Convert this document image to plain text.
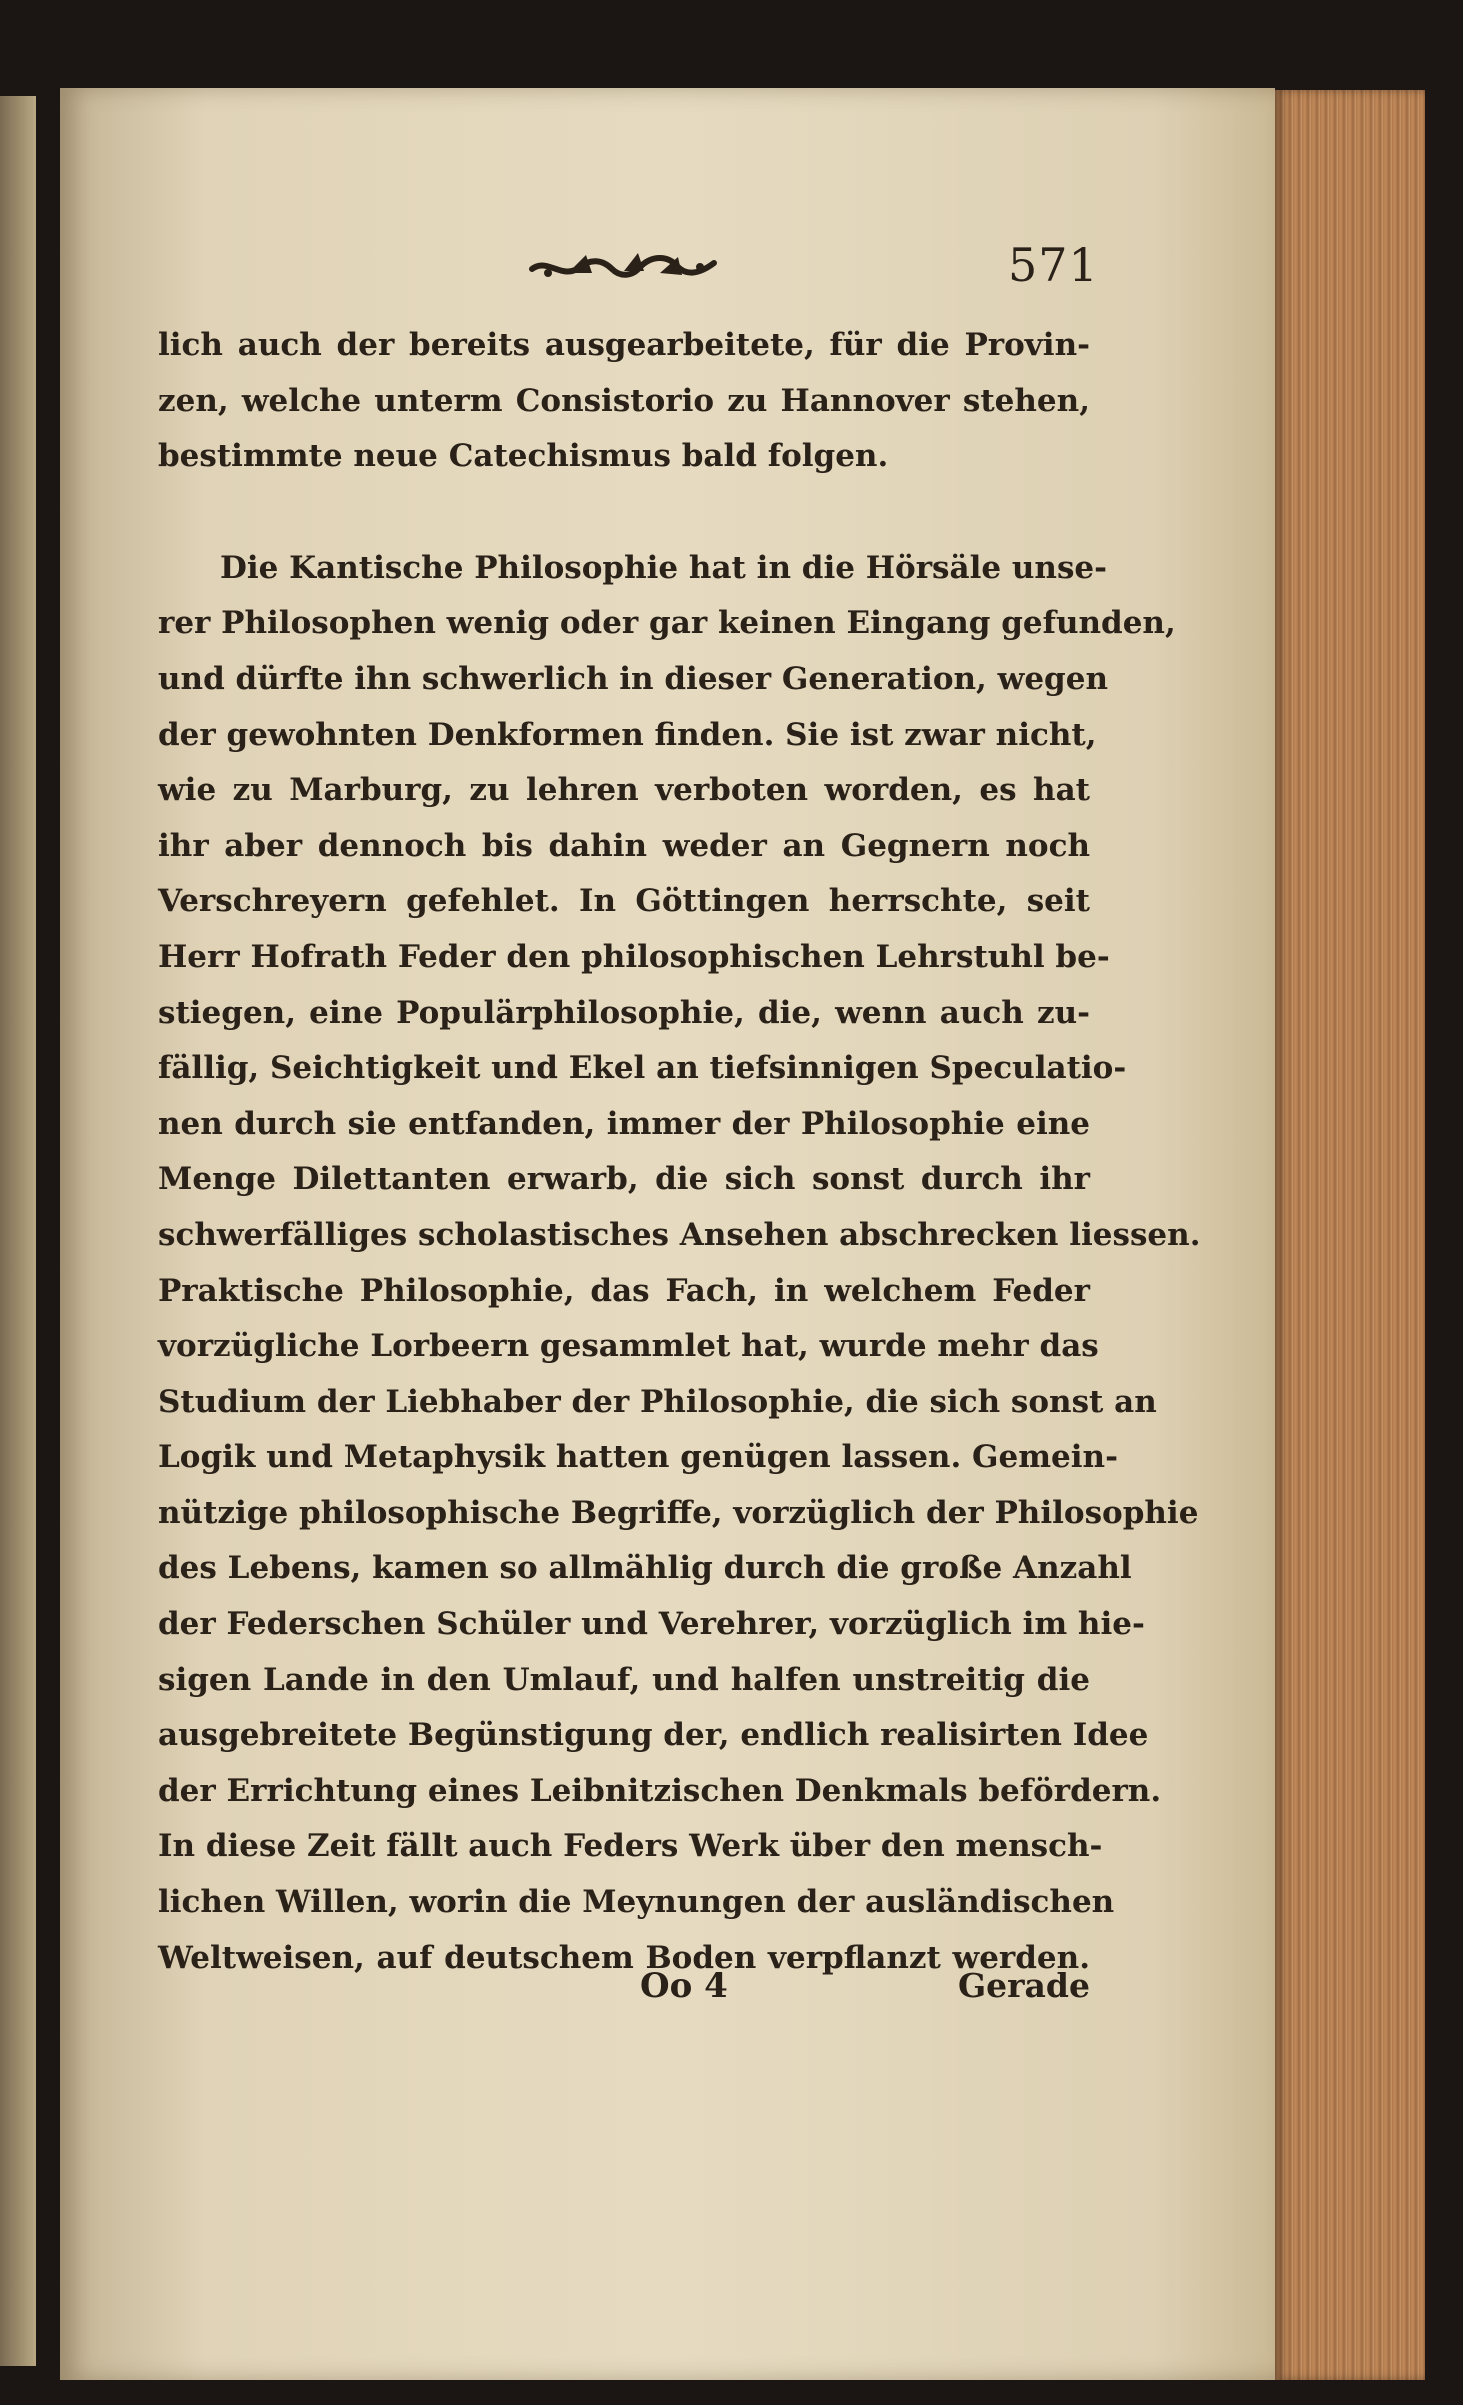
571
lich auch der bereits ausgearbeitete, für die Provin-
zen, welche unterm Consistorio zu Hannover stehen,
bestimmte neue Catechismus bald folgen.
Die Kantische Philosophie hat in die Hörsäle unse-
rer Philosophen wenig oder gar keinen Eingang gefunden,
und dürfte ihn schwerlich in dieser Generation, wegen
der gewohnten Denkformen finden. Sie ist zwar nicht,
wie zu Marburg, zu lehren verboten worden, es hat
ihr aber dennoch bis dahin weder an Gegnern noch
Verschreyern gefehlet. In Göttingen herrschte, seit
Herr Hofrath Feder den philosophischen Lehrstuhl be-
stiegen, eine Populärphilosophie, die, wenn auch zu-
fällig, Seichtigkeit und Ekel an tiefsinnigen Speculatio-
nen durch sie entfanden, immer der Philosophie eine
Menge Dilettanten erwarb, die sich sonst durch ihr
schwerfälliges scholastisches Ansehen abschrecken liessen.
Praktische Philosophie, das Fach, in welchem Feder
vorzügliche Lorbeern gesammlet hat, wurde mehr das
Studium der Liebhaber der Philosophie, die sich sonst an
Logik und Metaphysik hatten genügen lassen. Gemein-
nützige philosophische Begriffe, vorzüglich der Philosophie
des Lebens, kamen so allmählig durch die große Anzahl
der Federschen Schüler und Verehrer, vorzüglich im hie-
sigen Lande in den Umlauf, und halfen unstreitig die
ausgebreitete Begünstigung der, endlich realisirten Idee
der Errichtung eines Leibnitzischen Denkmals befördern.
In diese Zeit fällt auch Feders Werk über den mensch-
lichen Willen, worin die Meynungen der ausländischen
Weltweisen, auf deutschem Boden verpflanzt werden.
Oo 4	Gerade
